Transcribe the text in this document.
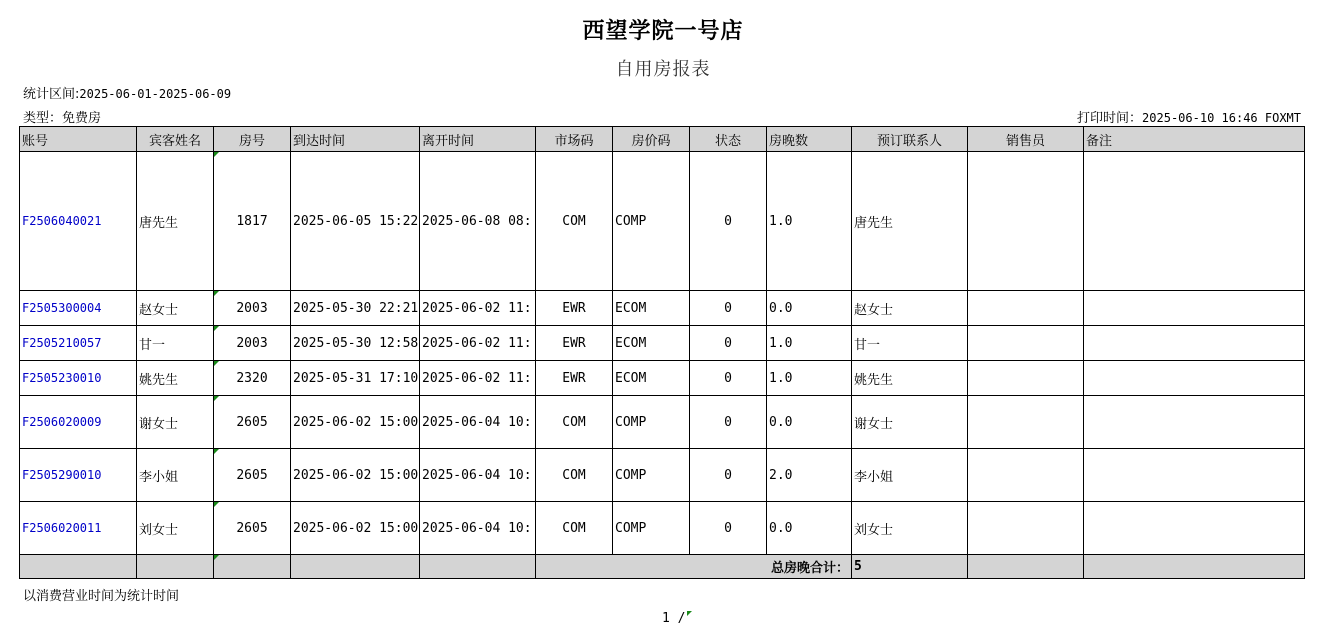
西望学院一号店
自用房报表
统计区间:2025-06-01-2025-06-09
类型：免费房	打印时间：2025-06-10 16:46 FOXMT
账号	宾客姓名	房号	到达时间	离开时间	市场码	房价码	状态	房晚数	预订联系人	销售员	备注	
F2506040021	唐先生	1817	2025-06-05 15:22	2025-06-08 08:	COM	COMP	0	1.0	唐先生			
F2505300004	赵女士	2003	2025-05-30 22:21	2025-06-02 11:	EWR	ECOM	0	0.0	赵女士			
F2505210057	甘一	2003	2025-05-30 12:58	2025-06-02 11:	EWR	ECOM	0	1.0	甘一			
F2505230010	姚先生	2320	2025-05-31 17:10	2025-06-02 11:	EWR	ECOM	0	1.0	姚先生			
F2506020009	谢女士	2605	2025-06-02 15:00	2025-06-04 10:	COM	COMP	0	0.0	谢女士			
F2505290010	李小姐	2605	2025-06-02 15:00	2025-06-04 10:	COM	COMP	0	2.0	李小姐			
F2506020011	刘女士	2605	2025-06-02 15:00	2025-06-04 10:	COM	COMP	0	0.0	刘女士			
					总房晚合计：				5			
以消费营业时间为统计时间
1 /
